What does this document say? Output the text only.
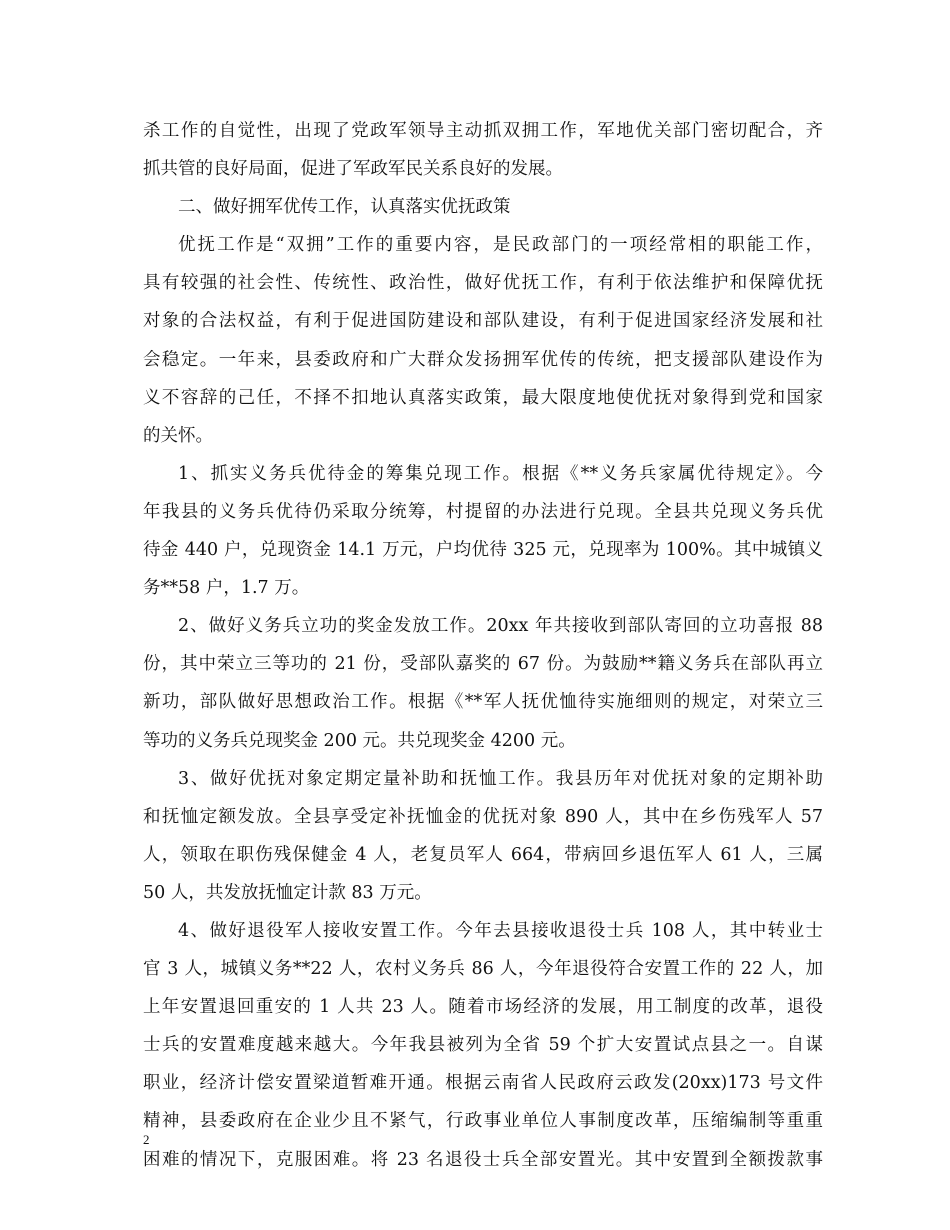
杀工作的自觉性，出现了党政军领导主动抓双拥工作，军地优关部门密切配合，齐
抓共管的良好局面，促进了军政军民关系良好的发展。
二、做好拥军优传工作，认真落实优抚政策
优抚工作是“双拥”工作的重要内容，是民政部门的一项经常相的职能工作，
具有较强的社会性、传统性、政治性，做好优抚工作，有利于依法维护和保障优抚
对象的合法权益，有利于促进国防建设和部队建设，有利于促进国家经济发展和社
会稳定。一年来，县委政府和广大群众发扬拥军优传的传统，把支援部队建设作为
义不容辞的己任，不择不扣地认真落实政策，最大限度地使优抚对象得到党和国家
的关怀。
1、抓实义务兵优待金的筹集兑现工作。根据《**义务兵家属优待规定》。今
年我县的义务兵优待仍采取分统筹，村提留的办法进行兑现。全县共兑现义务兵优
待金 440 户，兑现资金 14.1 万元，户均优待 325 元，兑现率为 100%。其中城镇义
务**58 户，1.7 万。
2、做好义务兵立功的奖金发放工作。20xx 年共接收到部队寄回的立功喜报 88
份，其中荣立三等功的 21 份，受部队嘉奖的 67 份。为鼓励**籍义务兵在部队再立
新功，部队做好思想政治工作。根据《**军人抚优恤待实施细则的规定，对荣立三
等功的义务兵兑现奖金 200 元。共兑现奖金 4200 元。
3、做好优抚对象定期定量补助和抚恤工作。我县历年对优抚对象的定期补助
和抚恤定额发放。全县享受定补抚恤金的优抚对象 890 人，其中在乡伤残军人 57
人，领取在职伤残保健金 4 人，老复员军人 664，带病回乡退伍军人 61 人，三属
50 人，共发放抚恤定计款 83 万元。
4、做好退役军人接收安置工作。今年去县接收退役士兵 108 人，其中转业士
官 3 人，城镇义务**22 人，农村义务兵 86 人，今年退役符合安置工作的 22 人，加
上年安置退回重安的 1 人共 23 人。随着市场经济的发展，用工制度的改革，退役
士兵的安置难度越来越大。今年我县被列为全省 59 个扩大安置试点县之一。自谋
职业，经济计偿安置梁道暂难开通。根据云南省人民政府云政发(20xx)173 号文件
精神，县委政府在企业少且不紧气，行政事业单位人事制度改革，压缩编制等重重
困难的情况下，克服困难。将 23 名退役士兵全部安置光。其中安置到全额拨款事
2
